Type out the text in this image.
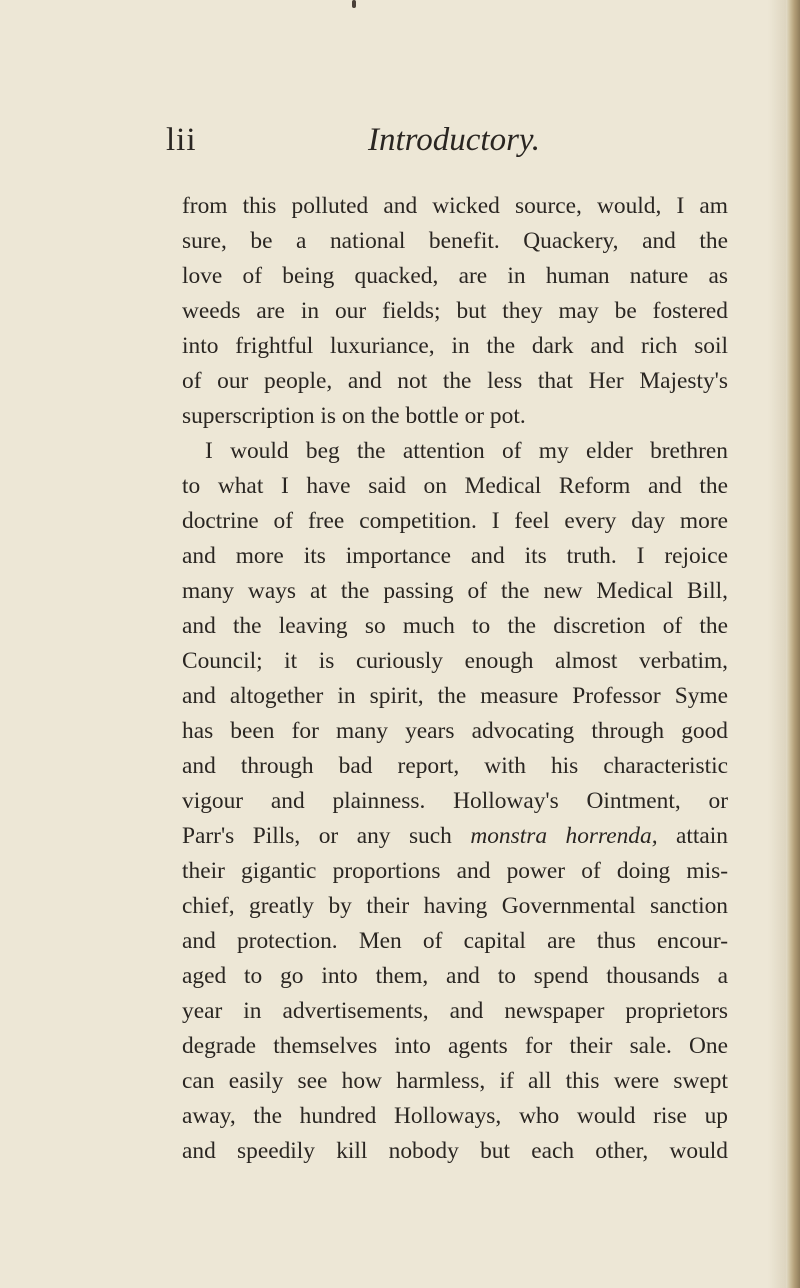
lii	Introductory.
from this polluted and wicked source, would, I am
sure, be a national benefit. Quackery, and the
love of being quacked, are in human nature as
weeds are in our fields; but they may be fostered
into frightful luxuriance, in the dark and rich soil
of our people, and not the less that Her Majesty's
superscription is on the bottle or pot.
I would beg the attention of my elder brethren
to what I have said on Medical Reform and the
doctrine of free competition. I feel every day more
and more its importance and its truth. I rejoice
many ways at the passing of the new Medical Bill,
and the leaving so much to the discretion of the
Council; it is curiously enough almost verbatim,
and altogether in spirit, the measure Professor Syme
has been for many years advocating through good
and through bad report, with his characteristic
vigour and plainness. Holloway's Ointment, or
Parr's Pills, or any such monstra horrenda, attain
their gigantic proportions and power of doing mis-
chief, greatly by their having Governmental sanction
and protection. Men of capital are thus encour-
aged to go into them, and to spend thousands a
year in advertisements, and newspaper proprietors
degrade themselves into agents for their sale. One
can easily see how harmless, if all this were swept
away, the hundred Holloways, who would rise up
and speedily kill nobody but each other, would
